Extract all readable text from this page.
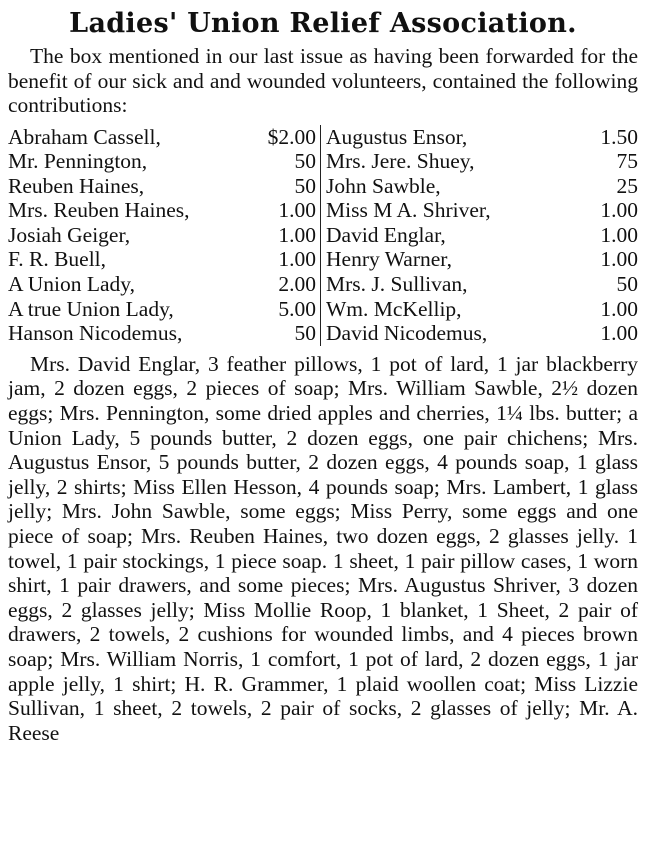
Ladies' Union Relief Association.

The box mentioned in our last issue as having been forwarded for the benefit of our sick and and wounded volunteers, contained the following contributions:

Abraham Cassell,	$2.00
Mr. Pennington,	50
Reuben Haines,	50
Mrs. Reuben Haines,	1.00
Josiah Geiger,	1.00
F. R. Buell,	1.00
A Union Lady,	2.00
A true Union Lady,	5.00
Hanson Nicodemus,	50
Augustus Ensor,	1.50
Mrs. Jere. Shuey,	75
John Sawble,	25
Miss M A. Shriver,	1.00
David Englar,	1.00
Henry Warner,	1.00
Mrs. J. Sullivan,	50
Wm. McKellip,	1.00
David Nicodemus,	1.00

Mrs. David Englar, 3 feather pillows, 1 pot of lard, 1 jar blackberry jam, 2 dozen eggs, 2 pieces of soap; Mrs. William Sawble, 2½ dozen eggs; Mrs. Pennington, some dried apples and cherries, 1¼ lbs. butter; a Union Lady, 5 pounds butter, 2 dozen eggs, one pair chichens; Mrs. Augustus Ensor, 5 pounds butter, 2 dozen eggs, 4 pounds soap, 1 glass jelly, 2 shirts; Miss Ellen Hesson, 4 pounds soap; Mrs. Lambert, 1 glass jelly; Mrs. John Sawble, some eggs; Miss Perry, some eggs and one piece of soap; Mrs. Reuben Haines, two dozen eggs, 2 glasses jelly. 1 towel, 1 pair stockings, 1 piece soap. 1 sheet, 1 pair pillow cases, 1 worn shirt, 1 pair drawers, and some pieces; Mrs. Augustus Shriver, 3 dozen eggs, 2 glasses jelly; Miss Mollie Roop, 1 blanket, 1 Sheet, 2 pair of drawers, 2 towels, 2 cushions for wounded limbs, and 4 pieces brown soap; Mrs. William Norris, 1 comfort, 1 pot of lard, 2 dozen eggs, 1 jar apple jelly, 1 shirt; H. R. Grammer, 1 plaid woollen coat; Miss Lizzie Sullivan, 1 sheet, 2 towels, 2 pair of socks, 2 glasses of jelly; Mr. A. Reese
